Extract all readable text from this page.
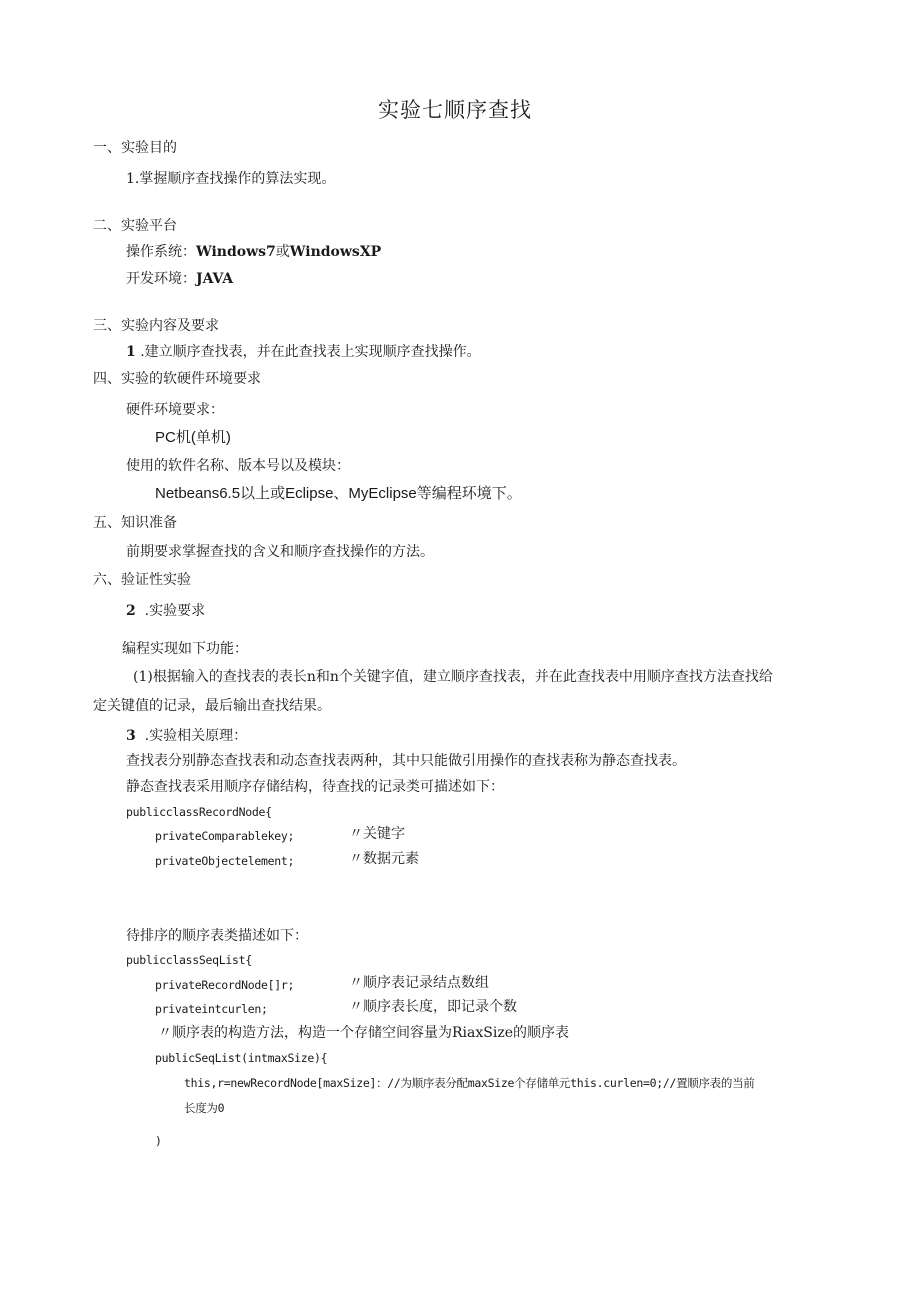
实验七顺序查找
一、实验目的
1.掌握顺序查找操作的算法实现。
二、实验平台
操作系统：Windows7或WindowsXP
开发环境：JAVA
三、实验内容及要求
1 .建立顺序查找表，并在此查找表上实现顺序查找操作。
四、实验的软硬件环境要求
硬件环境要求：
PC机(单机)
使用的软件名称、版本号以及模块：
Netbeans6.5以上或Eclipse、MyEclipse等编程环境下。
五、知识准备
前期要求掌握查找的含义和顺序查找操作的方法。
六、验证性实验
2 .实验要求
编程实现如下功能：
(1)根据输入的查找表的表长n和n个关键字值，建立顺序查找表，并在此查找表中用顺序查找方法查找给
定关键值的记录，最后输出查找结果。
3 .实验相关原理：
查找表分别静态查找表和动态查找表两种，其中只能做引用操作的查找表称为静态查找表。
静态查找表采用顺序存储结构，待查找的记录类可描述如下：
publicclassRecordNode{
privateComparablekey;	〃关键字
privateObjectelement;	〃数据元素
待排序的顺序表类描述如下：
publicclassSeqList{
privateRecordNode[]r;	〃顺序表记录结点数组
privateintcurlen;	〃顺序表长度，即记录个数
〃顺序表的构造方法，构造一个存储空间容量为RiaxSize的顺序表
publicSeqList(intmaxSize){
this,r=newRecordNode[maxSize]：//为顺序表分配maxSize个存储单元this.curlen=0;//置顺序表的当前
长度为0
)
